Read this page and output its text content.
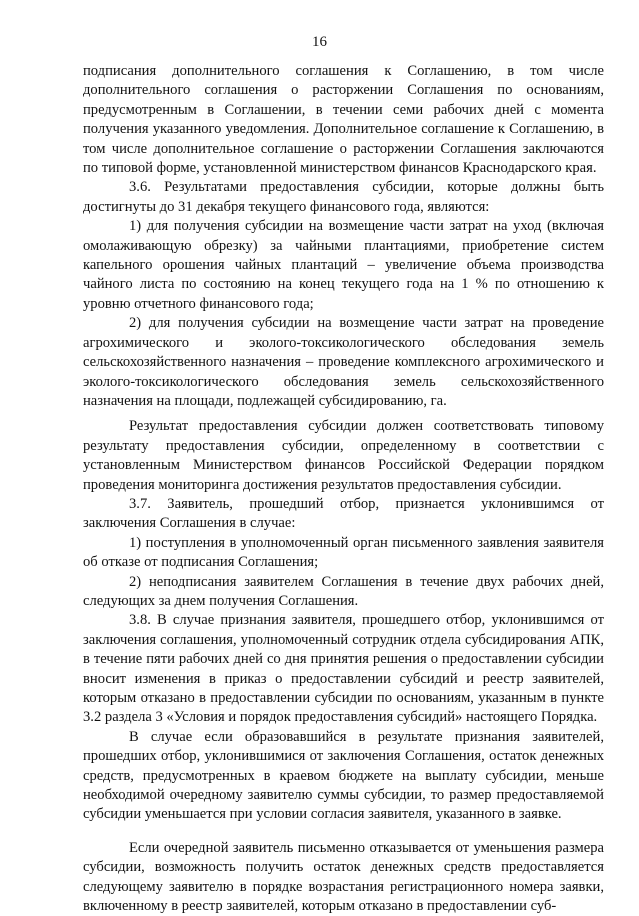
16

подписания дополнительного соглашения к Соглашению, в том числе дополнительного соглашения о расторжении Соглашения по основаниям, предусмотренным в Соглашении, в течении семи рабочих дней с момента получения указанного уведомления. Дополнительное соглашение к Соглашению, в том числе дополнительное соглашение о расторжении Соглашения заключаются по типовой форме, установленной министерством финансов Краснодарского края.

3.6. Результатами предоставления субсидии, которые должны быть достигнуты до 31 декабря текущего финансового года, являются:

1) для получения субсидии на возмещение части затрат на уход (включая омолаживающую обрезку) за чайными плантациями, приобретение систем капельного орошения чайных плантаций – увеличение объема производства чайного листа по состоянию на конец текущего года на 1 % по отношению к уровню отчетного финансового года;

2) для получения субсидии на возмещение части затрат на проведение агрохимического и эколого-токсикологического обследования земель сельскохозяйственного назначения – проведение комплексного агрохимического и эколого-токсикологического обследования земель сельскохозяйственного назначения на площади, подлежащей субсидированию, га.

Результат предоставления субсидии должен соответствовать типовому результату предоставления субсидии, определенному в соответствии с установленным Министерством финансов Российской Федерации порядком проведения мониторинга достижения результатов предоставления субсидии.

3.7. Заявитель, прошедший отбор, признается уклонившимся от заключения Соглашения в случае:

1) поступления в уполномоченный орган письменного заявления заявителя об отказе от подписания Соглашения;

2) неподписания заявителем Соглашения в течение двух рабочих дней, следующих за днем получения Соглашения.

3.8. В случае признания заявителя, прошедшего отбор, уклонившимся от заключения соглашения, уполномоченный сотрудник отдела субсидирования АПК, в течение пяти рабочих дней со дня принятия решения о предоставлении субсидии вносит изменения в приказ о предоставлении субсидий и реестр заявителей, которым отказано в предоставлении субсидии по основаниям, указанным в пункте 3.2 раздела 3 «Условия и порядок предоставления субсидий» настоящего Порядка.

В случае если образовавшийся в результате признания заявителей, прошедших отбор, уклонившимися от заключения Соглашения, остаток денежных средств, предусмотренных в краевом бюджете на выплату субсидии, меньше необходимой очередному заявителю суммы субсидии, то размер предоставляемой субсидии уменьшается при условии согласия заявителя, указанного в заявке.

Если очередной заявитель письменно отказывается от уменьшения размера субсидии, возможность получить остаток денежных средств предоставляется следующему заявителю в порядке возрастания регистрационного номера заявки, включенному в реестр заявителей, которым отказано в предоставлении суб-
